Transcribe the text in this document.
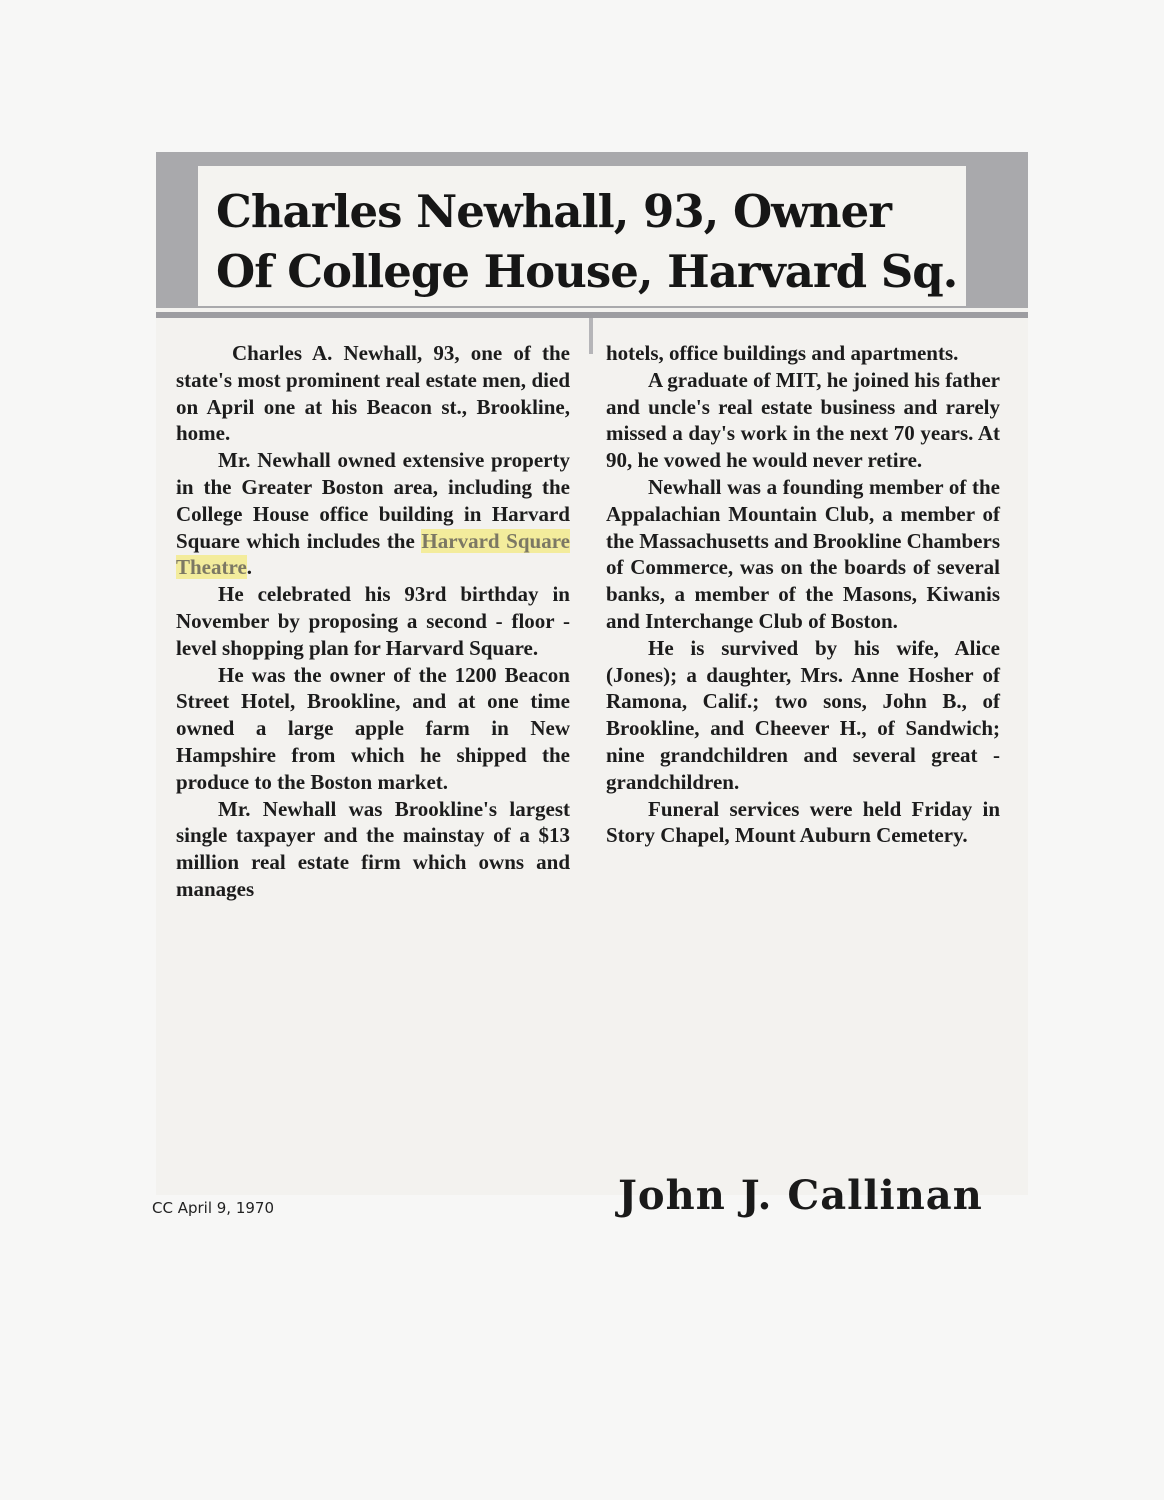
Charles Newhall, 93, Owner
Of College House, Harvard Sq.

Charles A. Newhall, 93, one of the state's most prominent real estate men, died on April one at his Beacon st., Brookline, home.

Mr. Newhall owned extensive property in the Greater Boston area, including the College House office building in Harvard Square which includes the Harvard Square Theatre.

He celebrated his 93rd birthday in November by proposing a second - floor - level shopping plan for Harvard Square.

He was the owner of the 1200 Beacon Street Hotel, Brookline, and at one time owned a large apple farm in New Hampshire from which he shipped the produce to the Boston market.

Mr. Newhall was Brookline's largest single taxpayer and the mainstay of a $13 million real estate firm which owns and manages

hotels, office buildings and apartments.

A graduate of MIT, he joined his father and uncle's real estate business and rarely missed a day's work in the next 70 years. At 90, he vowed he would never retire.

Newhall was a founding member of the Appalachian Mountain Club, a member of the Massachusetts and Brookline Chambers of Commerce, was on the boards of several banks, a member of the Masons, Kiwanis and Interchange Club of Boston.

He is survived by his wife, Alice (Jones); a daughter, Mrs. Anne Hosher of Ramona, Calif.; two sons, John B., of Brookline, and Cheever H., of Sandwich; nine grandchildren and several great - grandchildren.

Funeral services were held Friday in Story Chapel, Mount Auburn Cemetery.

John J. Callinan

CC April 9, 1970
